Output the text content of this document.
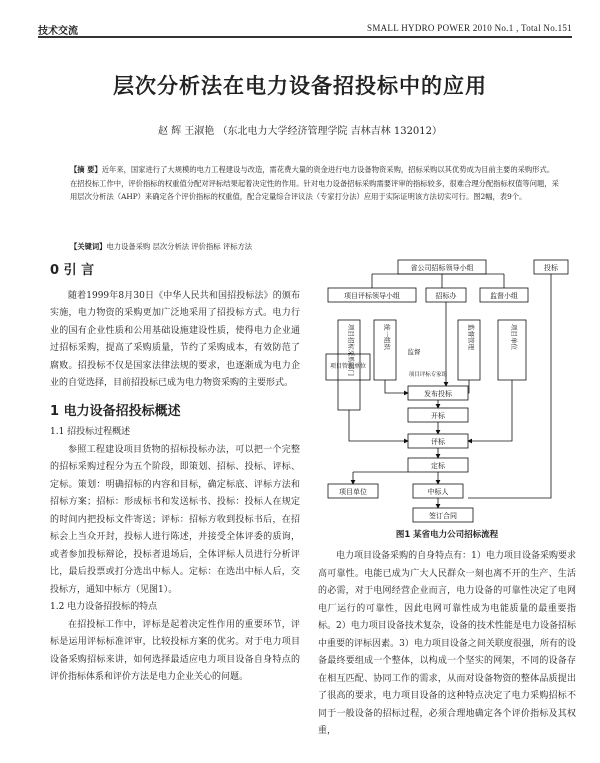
技术交流	SMALL HYDRO POWER 2010 No.1 , Total No.151
层次分析法在电力设备招投标中的应用
赵 辉 王淑艳 （东北电力大学经济管理学院 吉林吉林 132012）
【摘 要】近年来，国家进行了大规模的电力工程建设与改造，需花费大量的资金进行电力设备物资采购，招标采购以其优势成为目前主要的采购形式。在招投标工作中，评价指标的权重值分配对评标结果起着决定性的作用。针对电力设备招标采购需要评审的指标较多，很难合理分配指标权值等问题，采用层次分析法（AHP）来确定各个评价指标的权重值，配合定量综合评议法（专家打分法）应用于实际证明该方法切实可行。图2幅，表9个。
【关键词】电力设备采购 层次分析法 评价指标 评标方法
0 引 言

随着1999年8月30日《中华人民共和国招投标法》的颁布实施，电力物资的采购更加广泛地采用了招投标方式。电力行业的国有企业性质和公用基础设施建设性质，使得电力企业通过招标采购，提高了采购质量，节约了采购成本，有效防范了腐败。招投标不仅是国家法律法规的要求，也逐渐成为电力企业的自觉选择，目前招投标已成为电力物资采购的主要形式。

1 电力设备招投标概述
1.1 招投标过程概述

参照工程建设项目货物的招标投标办法，可以把一个完整的招标采购过程分为五个阶段，即策划、招标、投标、评标、定标。策划：明确招标的内容和目标，确定标底、评标方法和招标方案；招标：形成标书和发送标书、投标：投标人在规定的时间内把投标文件寄送；评标：招标方收到投标书后，在招标会上当众开封，投标人进行陈述，并接受全体评委的质询，或者参加投标辩论，投标者退场后，全体评标人员进行分析评比，最后投票或打分选出中标人。定标：在选出中标人后，交投标方，通知中标方（见图1）。

1.2 电力设备招投标的特点

在招投标工作中，评标是起着决定性作用的重要环节，评标是运用评标标准评审，比较投标方案的优劣。对于电力项目设备采购招标来讲，如何选择最适应电力项目设备自身特点的评价指标体系和评价方法是电力企业关心的问题。

省公司招标领导小组
项目评标领导小组	招标办	监督小组
投标
发布投标
开标
评标
定标
项目单位	中标人
签订合同
项目管理单位
项目招标采购部门	统一组织	监督管理	项目单位
监督
项目评标专家组
图1 某省电力公司招标流程

电力项目设备采购的自身特点有：1）电力项目设备采购要求高可靠性。电能已成为广大人民群众一刻也离不开的生产、生活的必需，对于电网经营企业而言，电力设备的可靠性决定了电网电厂运行的可靠性，因此电网可靠性成为电能质量的最重要指标。2）电力项目设备技术复杂，设备的技术性能是电力设备招标中重要的评标因素。3）电力项目设备之间关联度很强，所有的设备最终要组成一个整体，以构成一个坚实的网架，不同的设备存在相互匹配、协同工作的需求，从而对设备物资的整体品质提出了很高的要求，电力项目设备的这种特点决定了电力采购招标不同于一般设备的招标过程，必须合理地确定各个评价指标及其权重，
